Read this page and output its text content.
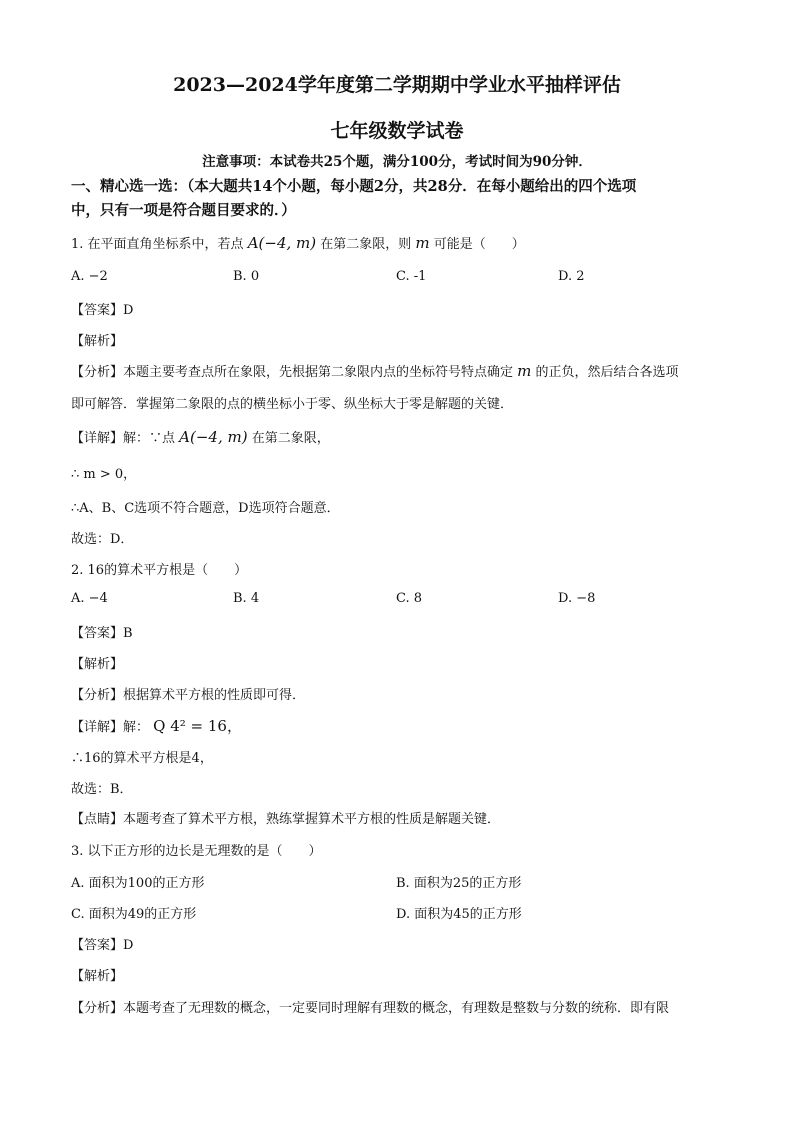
2023—2024学年度第二学期期中学业水平抽样评估
七年级数学试卷
注意事项：本试卷共25个题，满分100分，考试时间为90分钟．
一、精心选一选：（本大题共14个小题，每小题2分，共28分．在每小题给出的四个选项
中，只有一项是符合题目要求的．）
1. 在平面直角坐标系中，若点 A(−4, m) 在第二象限，则 m 可能是（　　）
A. −2	B. 0	C. -1	D. 2
【答案】D
【解析】
【分析】本题主要考查点所在象限，先根据第二象限内点的坐标符号特点确定 m 的正负，然后结合各选项
即可解答．掌握第二象限的点的横坐标小于零、纵坐标大于零是解题的关键．
【详解】解：∵点 A(−4, m) 在第二象限，
∴ m > 0，
∴A、B、C选项不符合题意，D选项符合题意．
故选：D．
2. 16的算术平方根是（　　）
A. −4	B. 4	C. 8	D. −8
【答案】B
【解析】
【分析】根据算术平方根的性质即可得．
【详解】解： Q 4² = 16，
∴16的算术平方根是4，
故选：B．
【点睛】本题考查了算术平方根，熟练掌握算术平方根的性质是解题关键．
3. 以下正方形的边长是无理数的是（　　）
A. 面积为100的正方形	B. 面积为25的正方形
C. 面积为49的正方形	D. 面积为45的正方形
【答案】D
【解析】
【分析】本题考查了无理数的概念，一定要同时理解有理数的概念，有理数是整数与分数的统称．即有限
